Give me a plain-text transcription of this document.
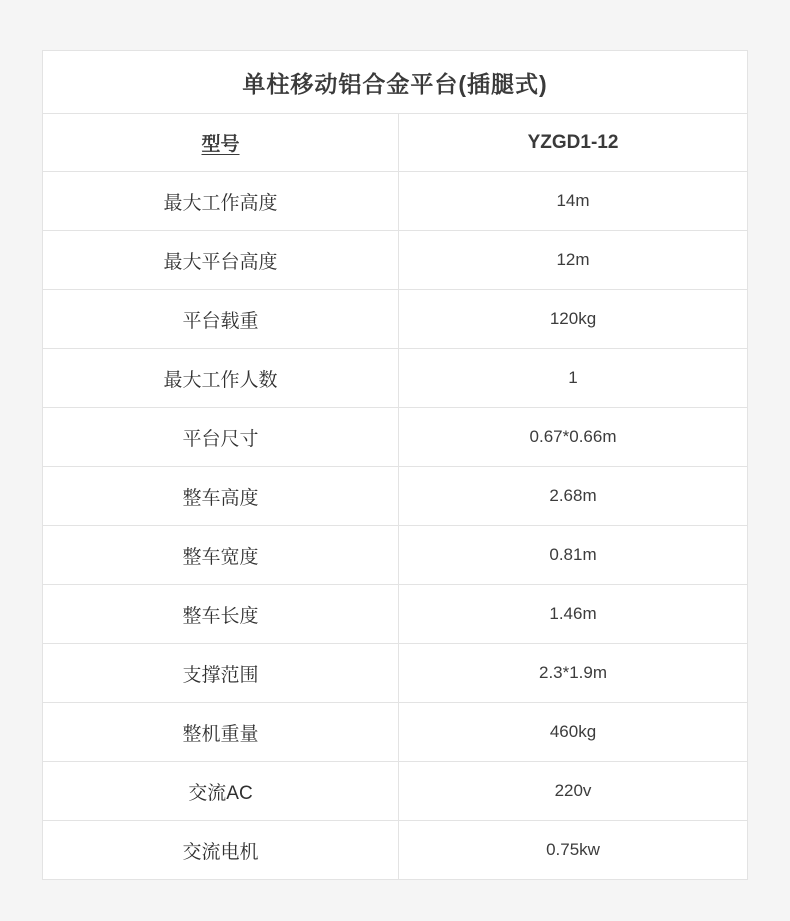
单柱移动铝合金平台(插腿式)	
型号	YZGD1-12
最大工作高度	14m
最大平台高度	12m
平台载重	120kg
最大工作人数	1
平台尺寸	0.67*0.66m
整车高度	2.68m
整车宽度	0.81m
整车长度	1.46m
支撑范围	2.3*1.9m
整机重量	460kg
交流AC	220v
交流电机	0.75kw
